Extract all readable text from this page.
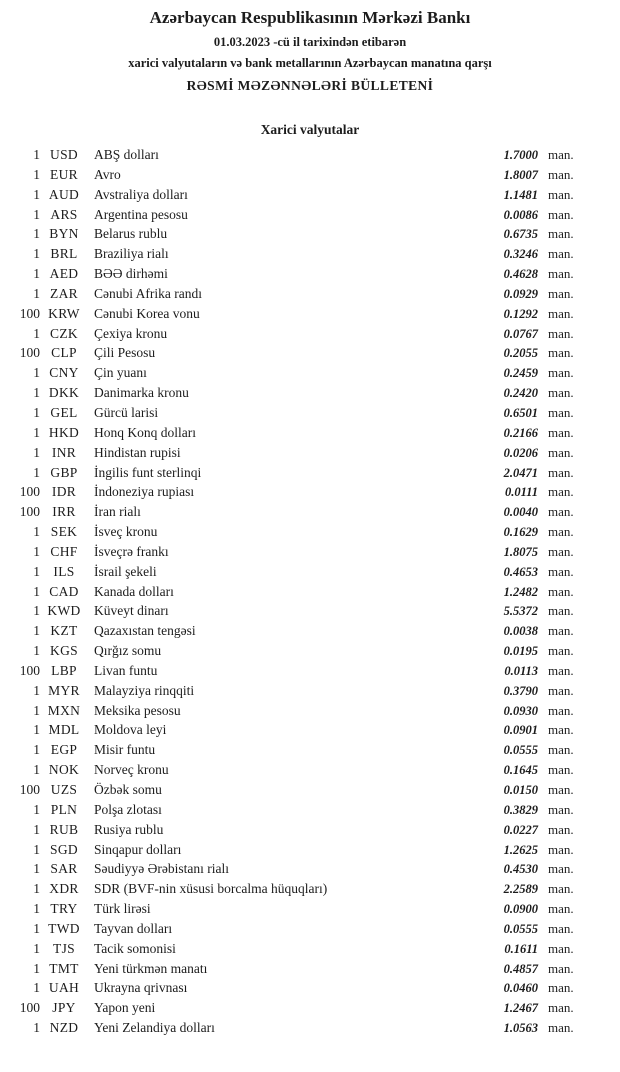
Azərbaycan Respublikasının Mərkəzi Bankı
01.03.2023 -cü il tarixindən etibarən
xarici valyutaların və bank metallarının Azərbaycan manatına qarşı
RƏSMİ MƏZƏNNƏLƏRİ BÜLLETENİ
Xarici valyutalar
1 USD	ABŞ dolları	1.7000 man.
1 EUR	Avro	1.8007 man.
1 AUD	Avstraliya dolları	1.1481 man.
1 ARS	Argentina pesosu	0.0086 man.
1 BYN	Belarus rublu	0.6735 man.
1 BRL	Braziliya rialı	0.3246 man.
1 AED	BƏƏ dirhəmi	0.4628 man.
1 ZAR	Cənubi Afrika randı	0.0929 man.
100 KRW	Cənubi Korea vonu	0.1292 man.
1 CZK	Çexiya kronu	0.0767 man.
100 CLP	Çili Pesosu	0.2055 man.
1 CNY	Çin yuanı	0.2459 man.
1 DKK	Danimarka kronu	0.2420 man.
1 GEL	Gürcü larisi	0.6501 man.
1 HKD	Honq Konq dolları	0.2166 man.
1 INR	Hindistan rupisi	0.0206 man.
1 GBP	İngilis funt sterlinqi	2.0471 man.
100 IDR	İndoneziya rupiası	0.0111 man.
100 IRR	İran rialı	0.0040 man.
1 SEK	İsveç kronu	0.1629 man.
1 CHF	İsveçrə frankı	1.8075 man.
1 ILS	İsrail şekeli	0.4653 man.
1 CAD	Kanada dolları	1.2482 man.
1 KWD Küveyt dinarı	5.5372 man.
1 KZT	Qazaxıstan tengəsi	0.0038 man.
1 KGS	Qırğız somu	0.0195 man.
100 LBP	Livan funtu	0.0113 man.
1 MYR	Malayziya rinqqiti	0.3790 man.
1 MXN	Meksika pesosu	0.0930 man.
1 MDL	Moldova leyi	0.0901 man.
1 EGP	Misir funtu	0.0555 man.
1 NOK	Norveç kronu	0.1645 man.
100 UZS	Özbək somu	0.0150 man.
1 PLN	Polşa zlotası	0.3829 man.
1 RUB	Rusiya rublu	0.0227 man.
1 SGD	Sinqapur dolları	1.2625 man.
1 SAR	Səudiyyə Ərəbistanı rialı	0.4530 man.
1 XDR	SDR (BVF-nin xüsusi borcalma hüquqları)	2.2589 man.
1 TRY	Türk lirəsi	0.0900 man.
1 TWD	Tayvan dolları	0.0555 man.
1 TJS	Tacik somonisi	0.1611 man.
1 TMT	Yeni türkmən manatı	0.4857 man.
1 UAH	Ukrayna qrivnası	0.0460 man.
100 JPY	Yapon yeni	1.2467 man.
1 NZD	Yeni Zelandiya dolları	1.0563 man.
